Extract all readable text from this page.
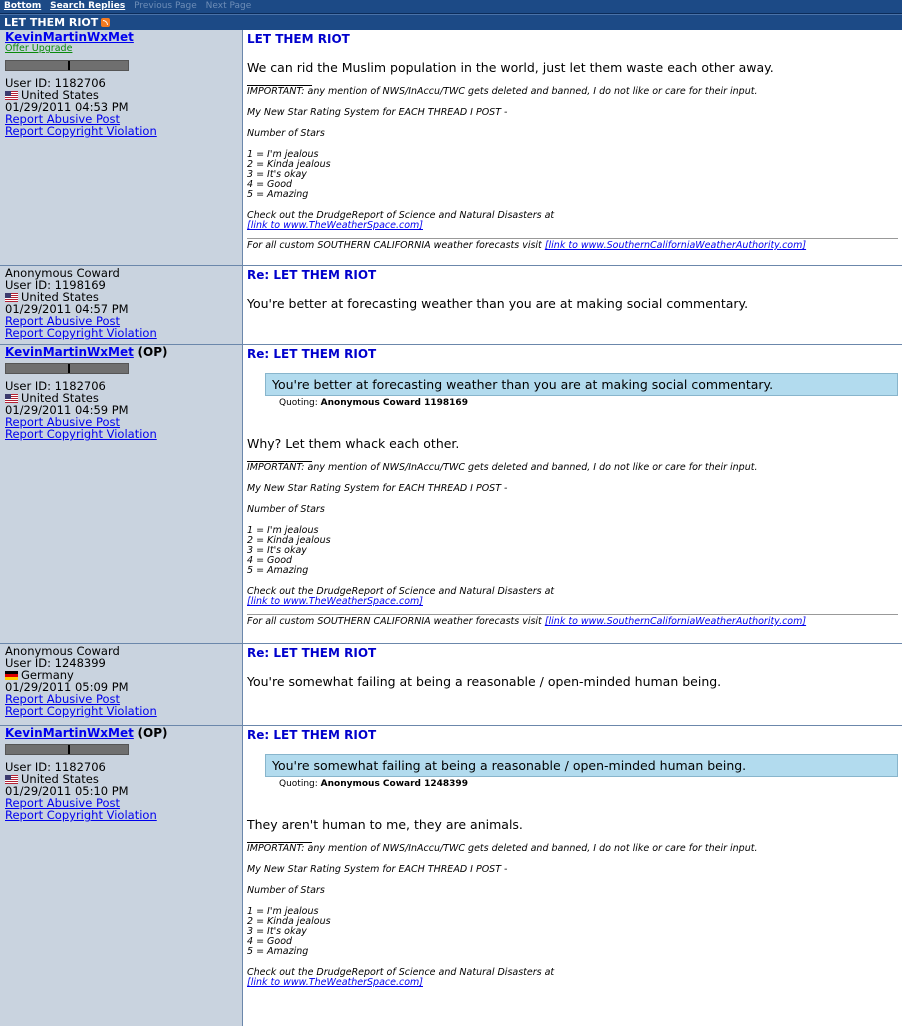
Bottom Search Replies Previous Page Next Page
LET THEM RIOT
KevinMartinWxMet
Offer Upgrade
User ID: 1182706
United States
01/29/2011 04:53 PM
Report Abusive Post
Report Copyright Violation
LET THEM RIOT
We can rid the Muslim population in the world, just let them waste each other away.

IMPORTANT: any mention of NWS/InAccu/TWC gets deleted and banned, I do not like or care for their input.

My New Star Rating System for EACH THREAD I POST -

Number of Stars

1 = I'm jealous
2 = Kinda jealous
3 = It's okay
4 = Good
5 = Amazing

Check out the DrudgeReport of Science and Natural Disasters at
[link to www.TheWeatherSpace.com]

For all custom SOUTHERN CALIFORNIA weather forecasts visit [link to www.SouthernCaliforniaWeatherAuthority.com]

Anonymous Coward
User ID: 1198169
United States
01/29/2011 04:57 PM
Report Abusive Post
Report Copyright Violation
Re: LET THEM RIOT
You're better at forecasting weather than you are at making social commentary.
KevinMartinWxMet (OP)
User ID: 1182706
United States
01/29/2011 04:59 PM
Report Abusive Post
Report Copyright Violation
Re: LET THEM RIOT
You're better at forecasting weather than you are at making social commentary.
Quoting: Anonymous Coward 1198169
Why? Let them whack each other.

IMPORTANT: any mention of NWS/InAccu/TWC gets deleted and banned, I do not like or care for their input.

My New Star Rating System for EACH THREAD I POST -

Number of Stars

1 = I'm jealous
2 = Kinda jealous
3 = It's okay
4 = Good
5 = Amazing

Check out the DrudgeReport of Science and Natural Disasters at
[link to www.TheWeatherSpace.com]

For all custom SOUTHERN CALIFORNIA weather forecasts visit [link to www.SouthernCaliforniaWeatherAuthority.com]

Anonymous Coward
User ID: 1248399
Germany
01/29/2011 05:09 PM
Report Abusive Post
Report Copyright Violation
Re: LET THEM RIOT
You're somewhat failing at being a reasonable / open-minded human being.
KevinMartinWxMet (OP)
User ID: 1182706
United States
01/29/2011 05:10 PM
Report Abusive Post
Report Copyright Violation
Re: LET THEM RIOT
You're somewhat failing at being a reasonable / open-minded human being.
Quoting: Anonymous Coward 1248399
They aren't human to me, they are animals.

IMPORTANT: any mention of NWS/InAccu/TWC gets deleted and banned, I do not like or care for their input.

My New Star Rating System for EACH THREAD I POST -

Number of Stars

1 = I'm jealous
2 = Kinda jealous
3 = It's okay
4 = Good
5 = Amazing

Check out the DrudgeReport of Science and Natural Disasters at
[link to www.TheWeatherSpace.com]
